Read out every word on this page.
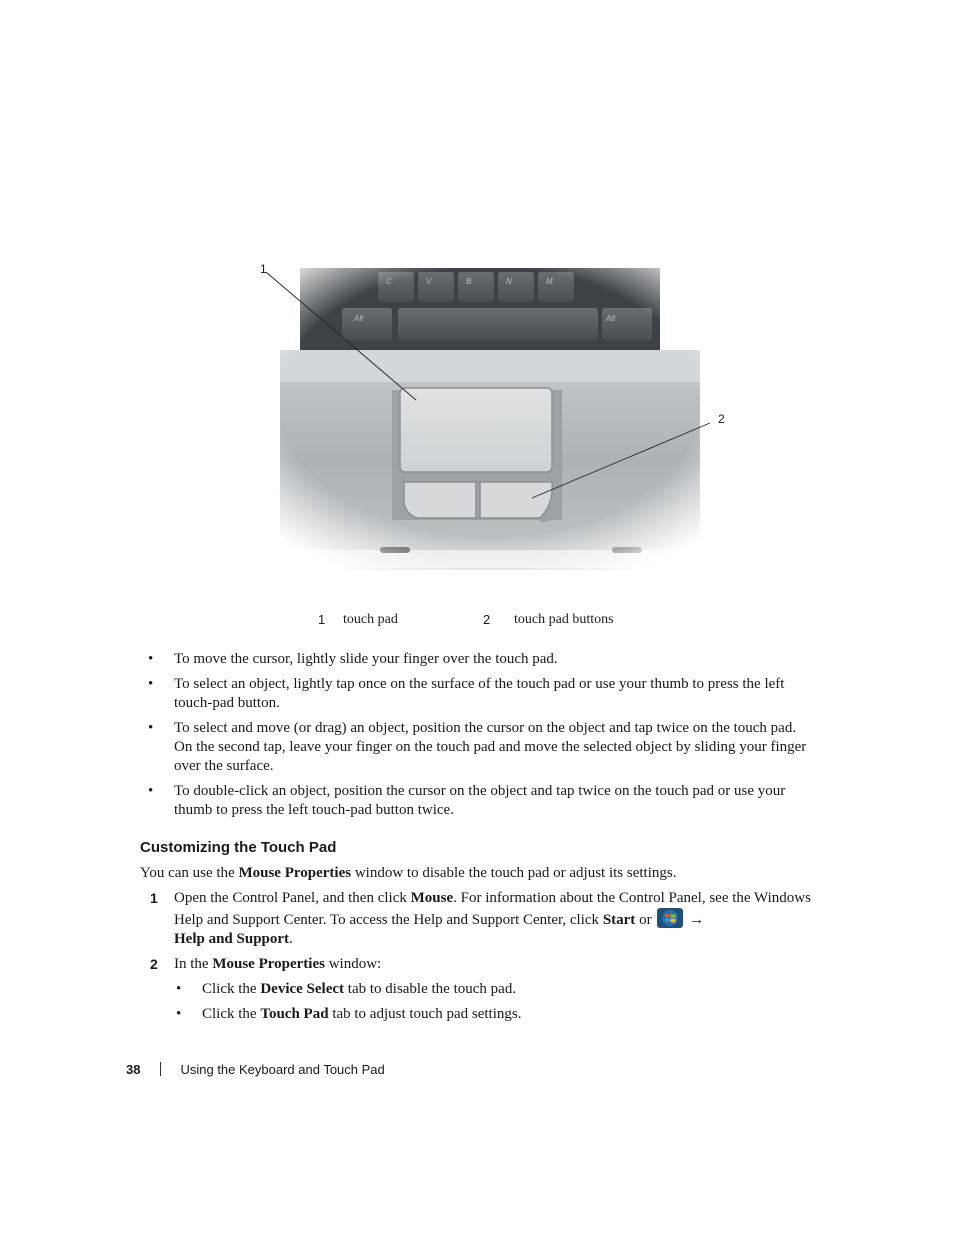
1
2
1 touch pad	2 touch pad buttons
• To move the cursor, lightly slide your finger over the touch pad.
• To select an object, lightly tap once on the surface of the touch pad or use your thumb to press the left touch-pad button.
• To select and move (or drag) an object, position the cursor on the object and tap twice on the touch pad. On the second tap, leave your finger on the touch pad and move the selected object by sliding your finger over the surface.
• To double-click an object, position the cursor on the object and tap twice on the touch pad or use your thumb to press the left touch-pad button twice.
Customizing the Touch Pad
You can use the Mouse Properties window to disable the touch pad or adjust its settings.
1 Open the Control Panel, and then click Mouse. For information about the Control Panel, see the Windows Help and Support Center. To access the Help and Support Center, click Start or  →
Help and Support.
2 In the Mouse Properties window:
• Click the Device Select tab to disable the touch pad.
• Click the Touch Pad tab to adjust touch pad settings.
38	Using the Keyboard and Touch Pad
